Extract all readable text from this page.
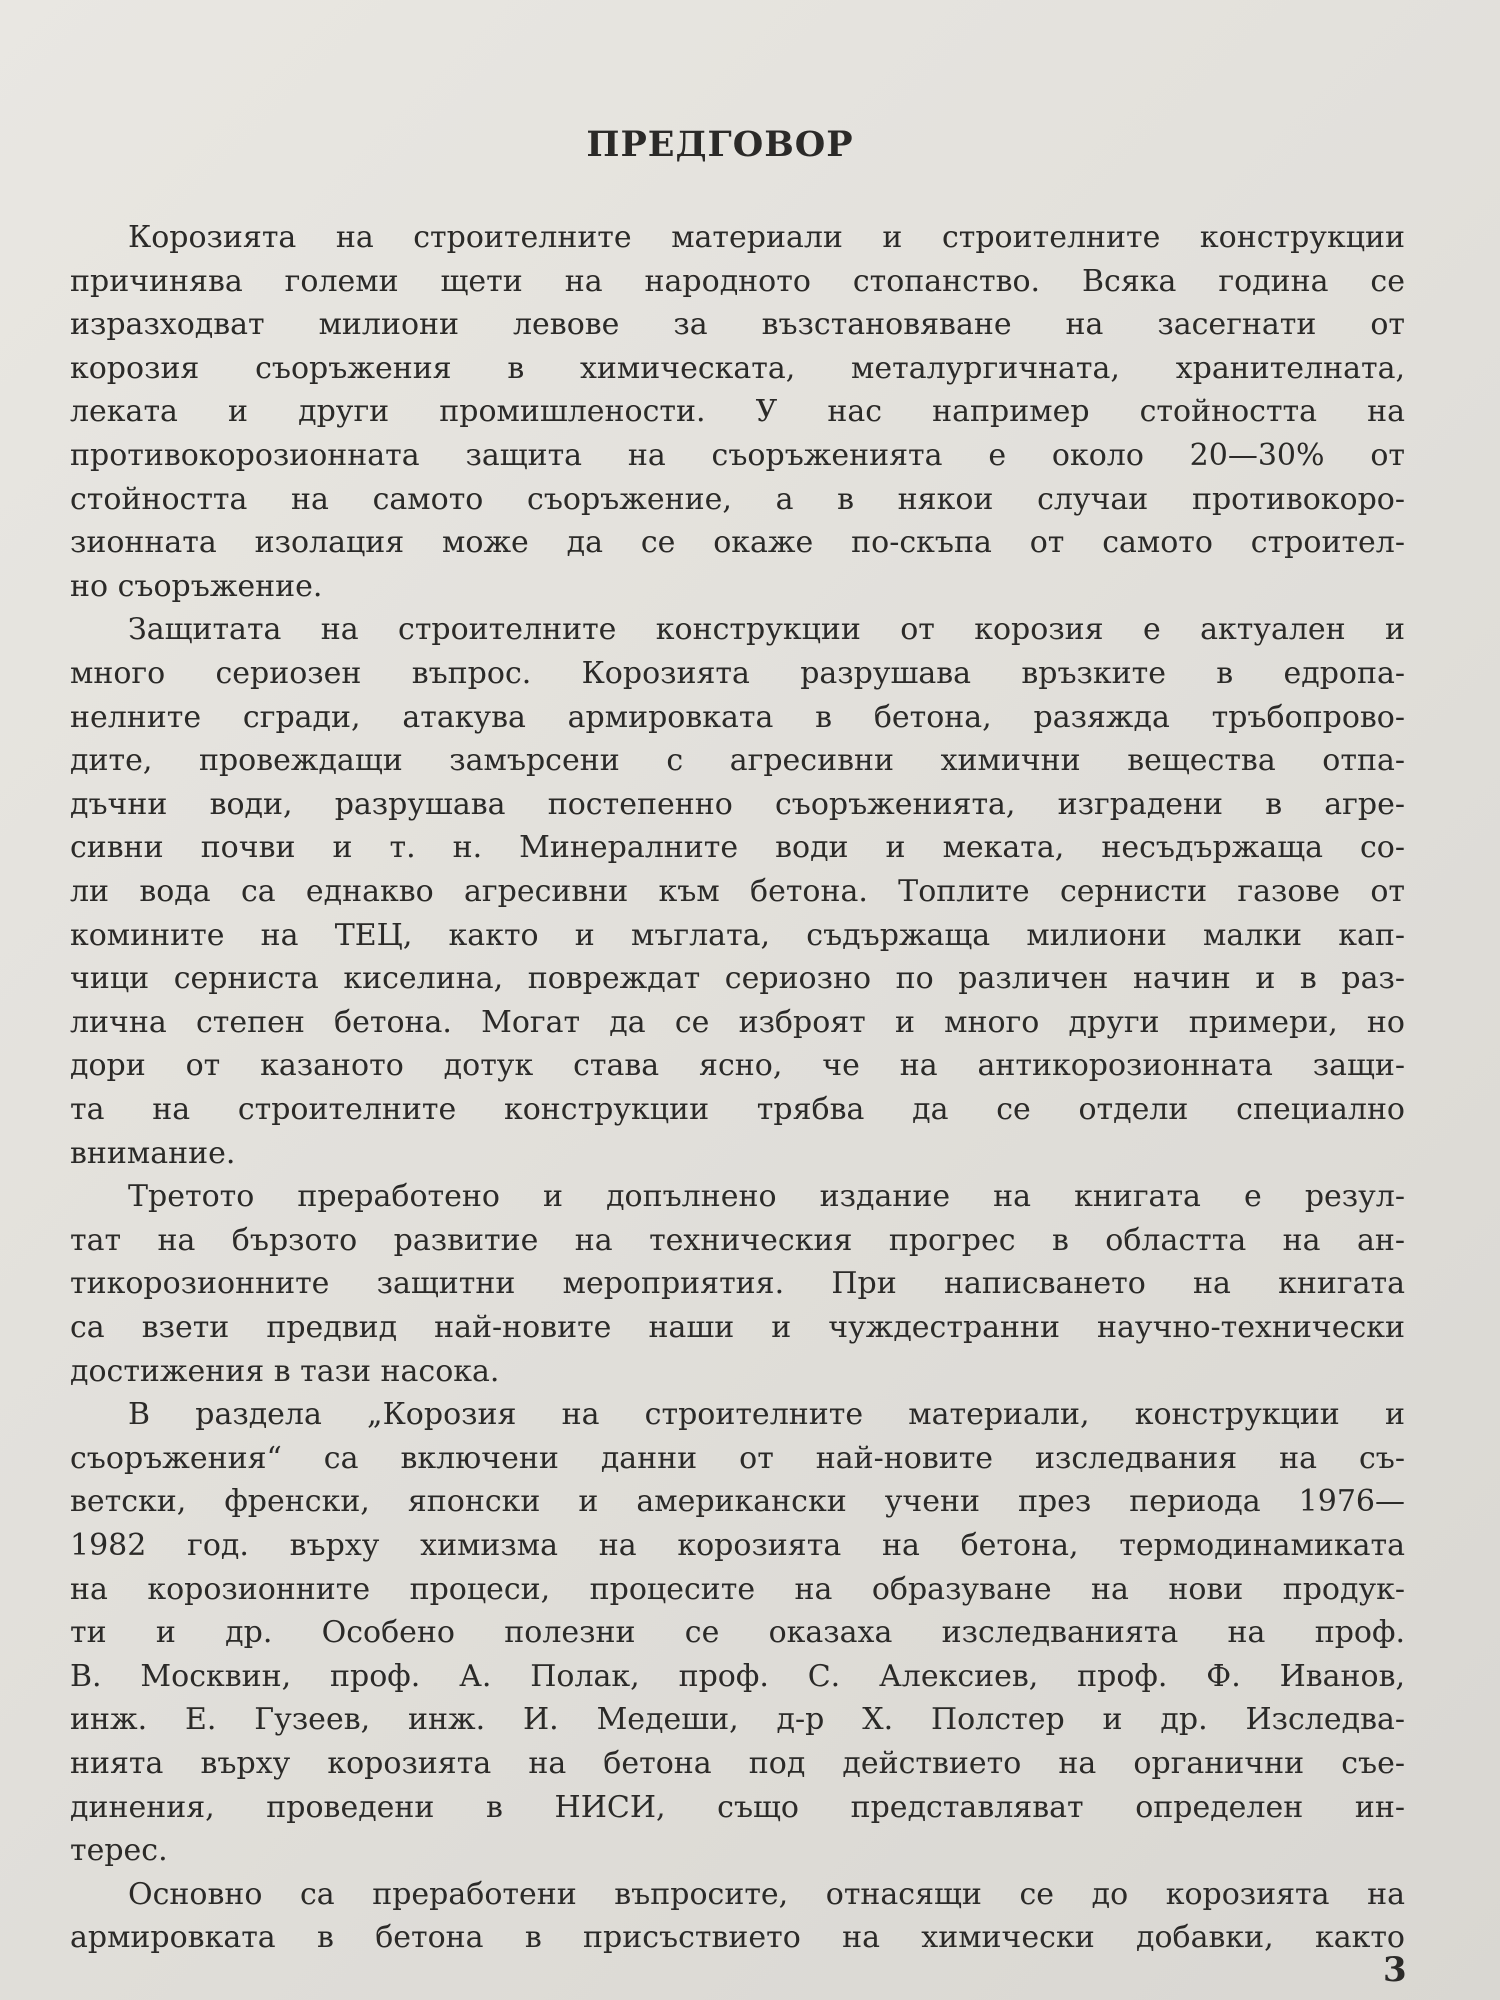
ПРЕДГОВОР
Корозията на строителните материали и строителните конструкции
причинява големи щети на народното стопанство. Всяка година се
изразходват милиони левове за възстановяване на засегнати от
корозия съоръжения в химическата, металургичната, хранителната,
леката и други промишлености. У нас например стойността на
противокорозионната защита на съоръженията е около 20—30% от
стойността на самото съоръжение, а в някои случаи противокоро-
зионната изолация може да се окаже по-скъпа от самото строител-
но съоръжение.
Защитата на строителните конструкции от корозия е актуален и
много сериозен въпрос. Корозията разрушава връзките в едропа-
нелните сгради, атакува армировката в бетона, разяжда тръбопрово-
дите, провеждащи замърсени с агресивни химични вещества отпа-
дъчни води, разрушава постепенно съоръженията, изградени в агре-
сивни почви и т. н. Минералните води и меката, несъдържаща со-
ли вода са еднакво агресивни към бетона. Топлите сернисти газове от
комините на ТЕЦ, както и мъглата, съдържаща милиони малки кап-
чици серниста киселина, повреждат сериозно по различен начин и в раз-
лична степен бетона. Могат да се изброят и много други примери, но
дори от казаното дотук става ясно, че на антикорозионната защи-
та на строителните конструкции трябва да се отдели специално
внимание.
Третото преработено и допълнено издание на книгата е резул-
тат на бързото развитие на техническия прогрес в областта на ан-
тикорозионните защитни мероприятия. При написването на книгата
са взети предвид най-новите наши и чуждестранни научно-технически
достижения в тази насока.
В раздела „Корозия на строителните материали, конструкции и
съоръжения“ са включени данни от най-новите изследвания на съ-
ветски, френски, японски и американски учени през периода 1976—
1982 год. върху химизма на корозията на бетона, термодинамиката
на корозионните процеси, процесите на образуване на нови продук-
ти и др. Особено полезни се оказаха изследванията на проф.
В. Москвин, проф. А. Полак, проф. С. Алексиев, проф. Ф. Иванов,
инж. Е. Гузеев, инж. И. Медеши, д-р Х. Полстер и др. Изследва-
нията върху корозията на бетона под действието на органични съе-
динения, проведени в НИСИ, също представляват определен ин-
терес.
Основно са преработени въпросите, отнасящи се до корозията на
армировката в бетона в присъствието на химически добавки, както
3
